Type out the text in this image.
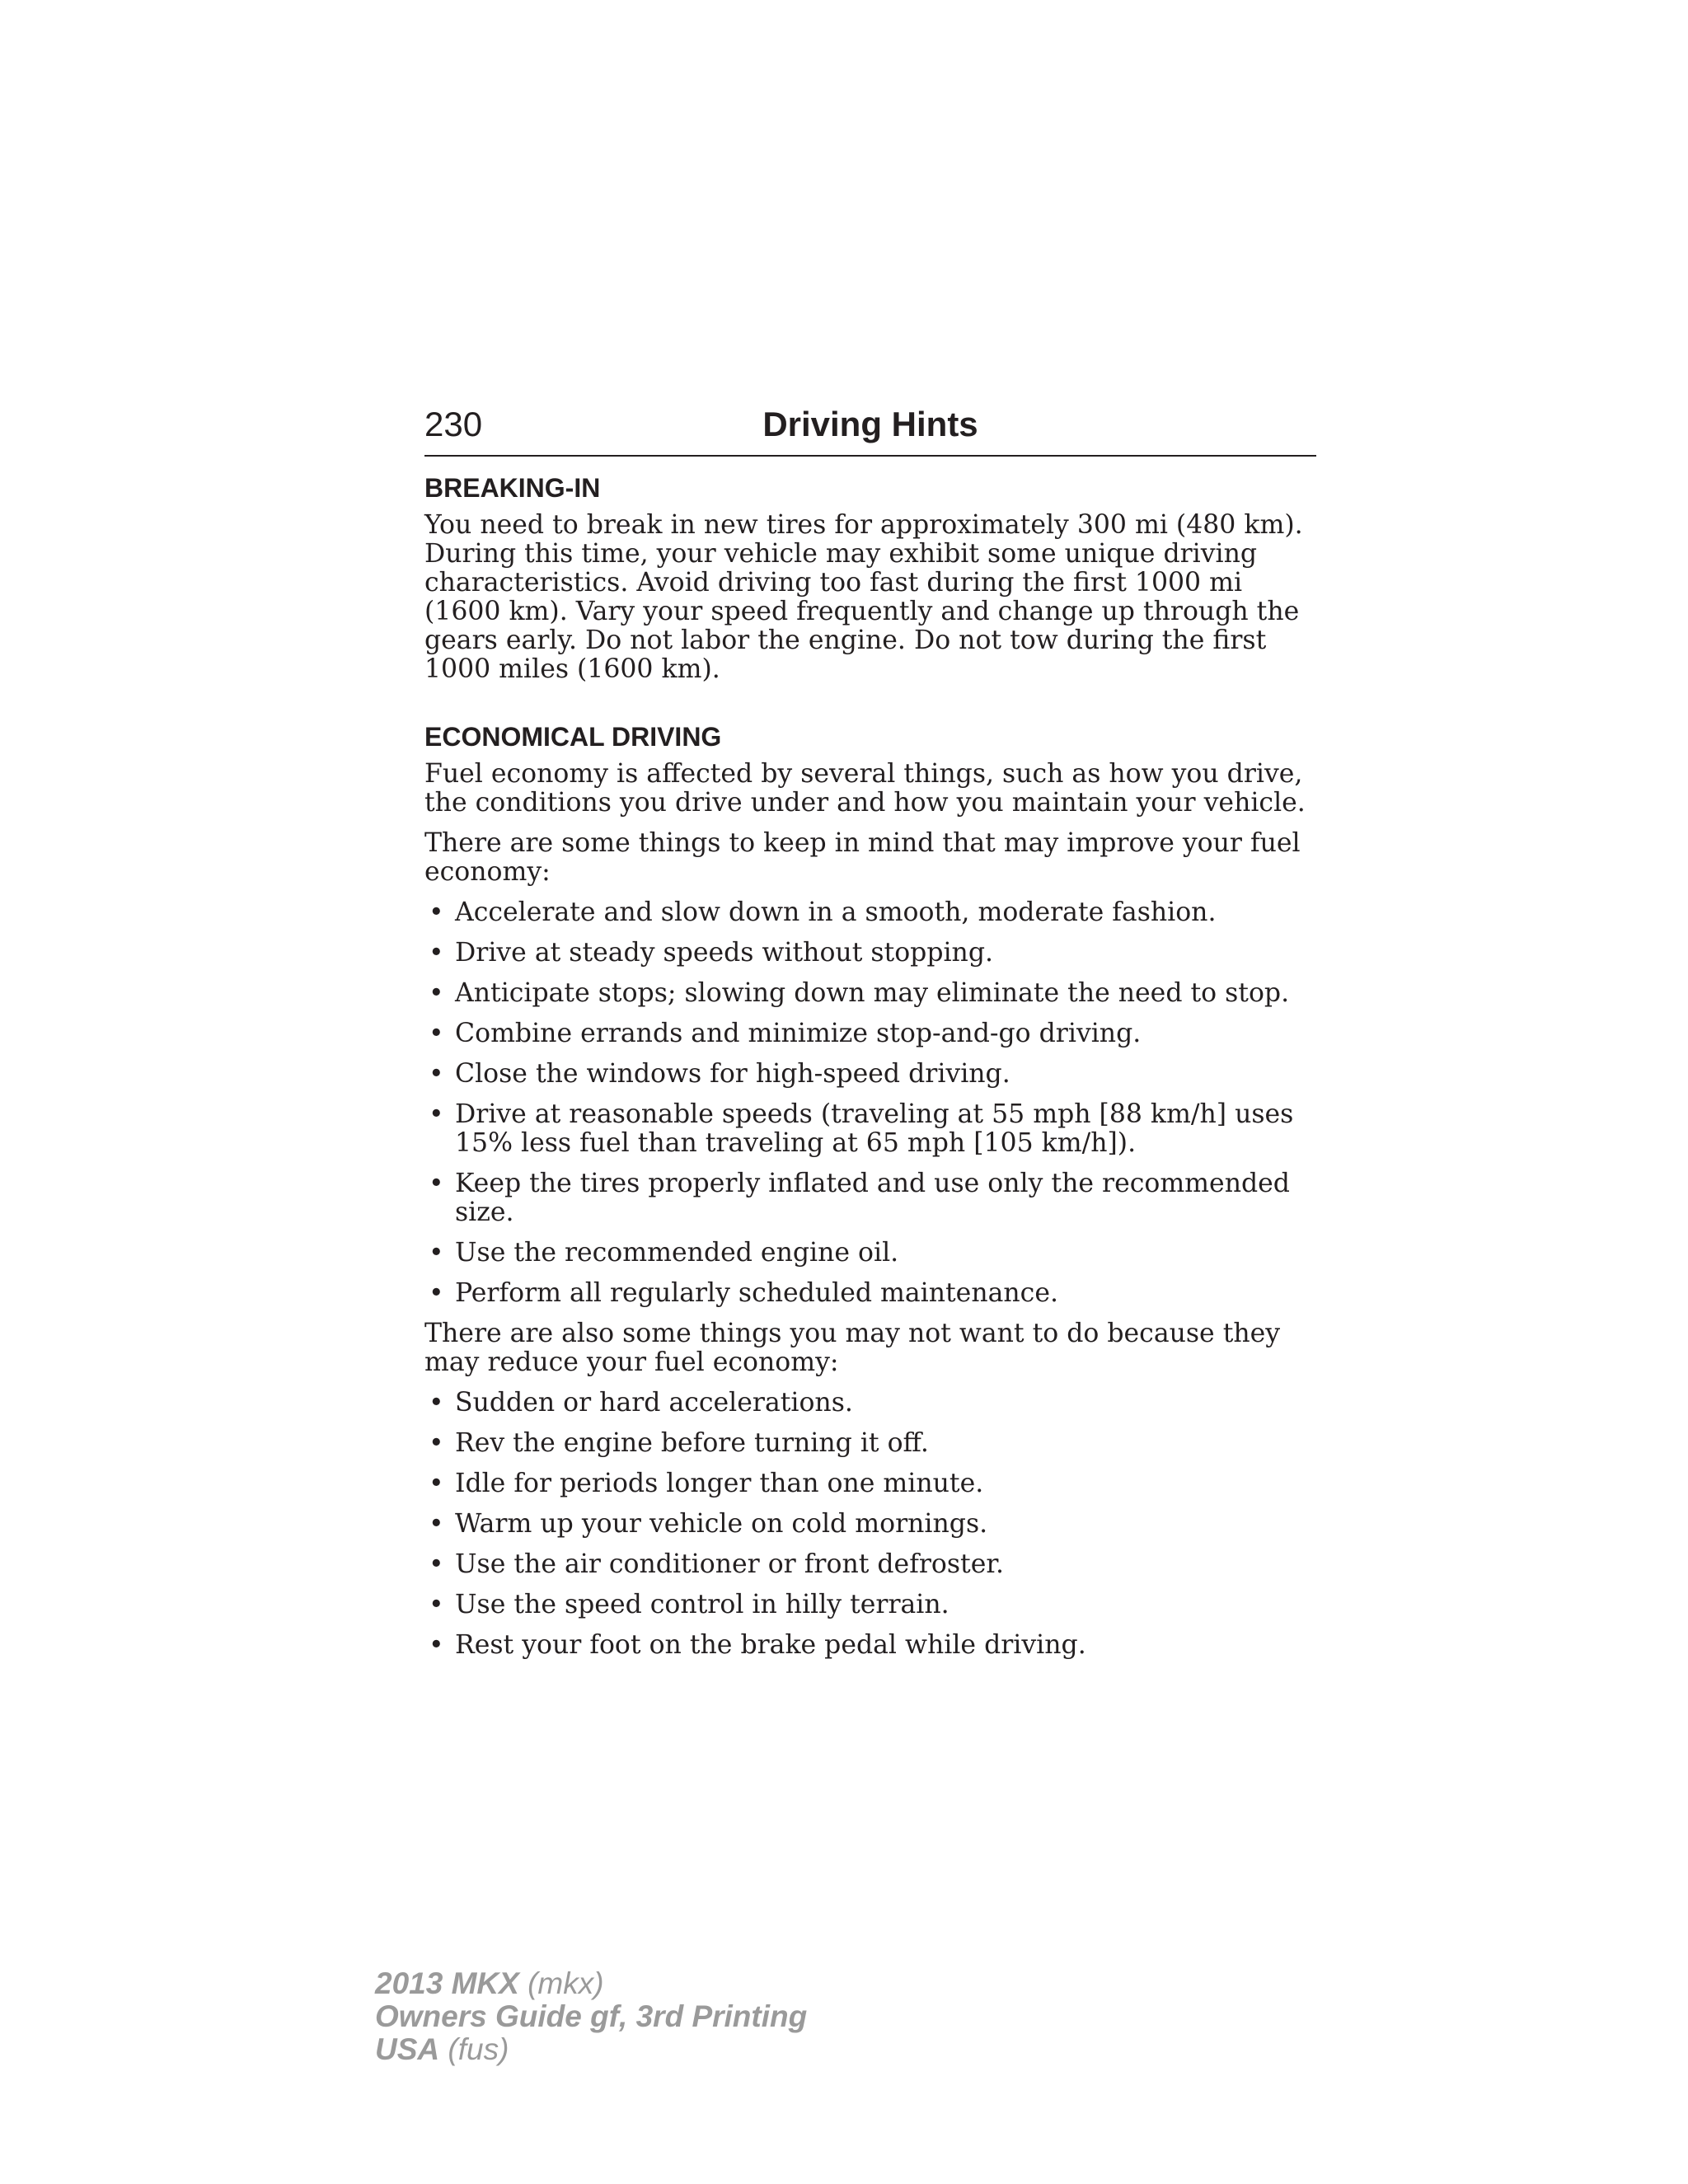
230	Driving Hints
BREAKING-IN

You need to break in new tires for approximately 300 mi (480 km). During this time, your vehicle may exhibit some unique driving characteristics. Avoid driving too fast during the first 1000 mi (1600 km). Vary your speed frequently and change up through the gears early. Do not labor the engine. Do not tow during the first 1000 miles (1600 km).

ECONOMICAL DRIVING

Fuel economy is affected by several things, such as how you drive, the conditions you drive under and how you maintain your vehicle.

There are some things to keep in mind that may improve your fuel economy:

• Accelerate and slow down in a smooth, moderate fashion.
• Drive at steady speeds without stopping.
• Anticipate stops; slowing down may eliminate the need to stop.
• Combine errands and minimize stop-and-go driving.
• Close the windows for high-speed driving.
• Drive at reasonable speeds (traveling at 55 mph [88 km/h] uses 15% less fuel than traveling at 65 mph [105 km/h]).
• Keep the tires properly inflated and use only the recommended size.
• Use the recommended engine oil.
• Perform all regularly scheduled maintenance.

There are also some things you may not want to do because they may reduce your fuel economy:

• Sudden or hard accelerations.
• Rev the engine before turning it off.
• Idle for periods longer than one minute.
• Warm up your vehicle on cold mornings.
• Use the air conditioner or front defroster.
• Use the speed control in hilly terrain.
• Rest your foot on the brake pedal while driving.
2013 MKX (mkx)
Owners Guide gf, 3rd Printing
USA (fus)
